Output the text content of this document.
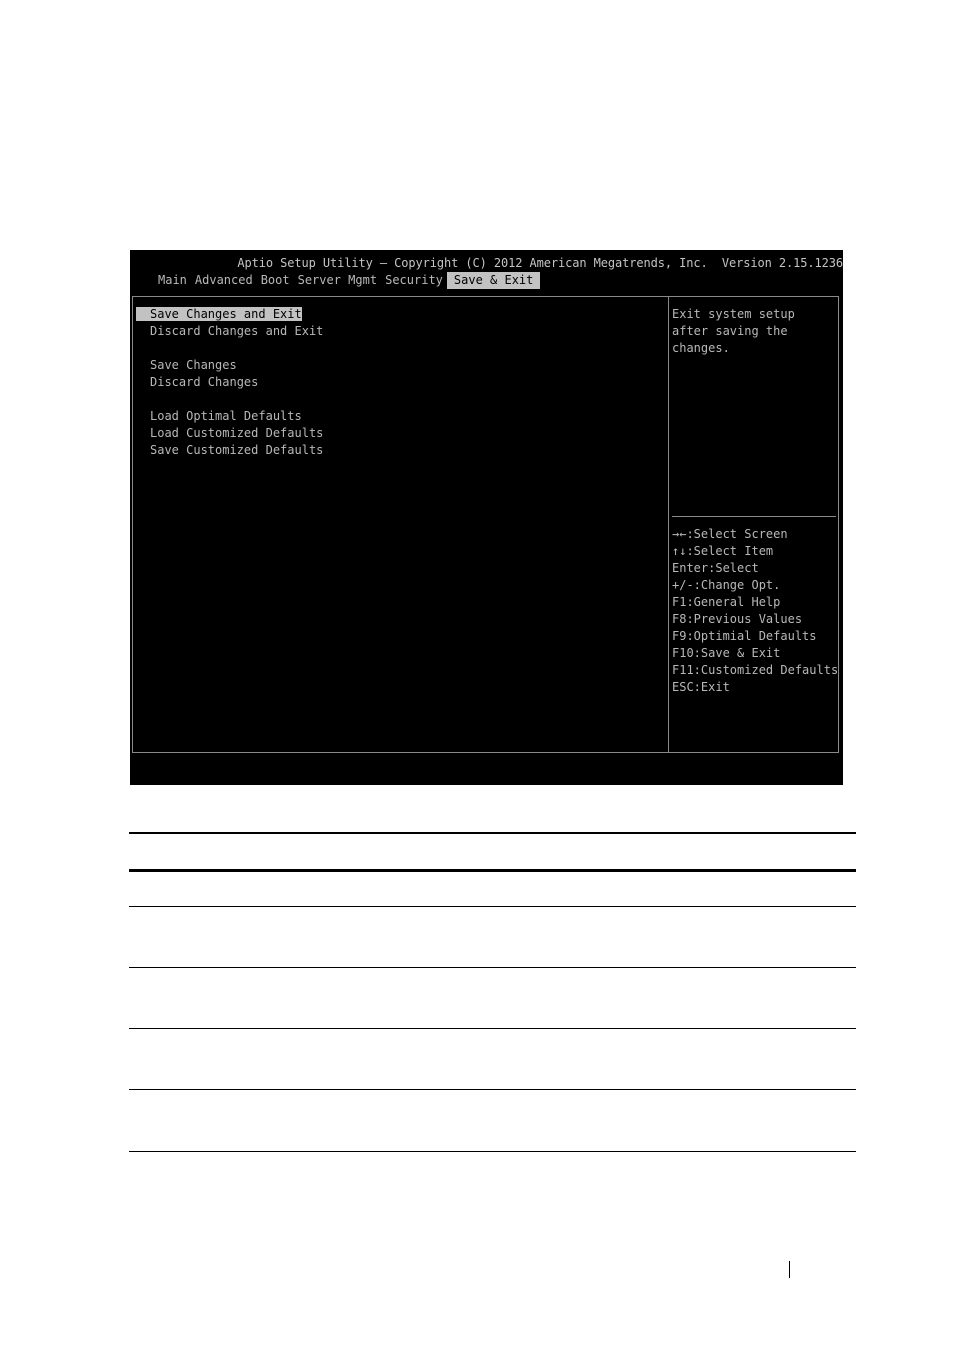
Aptio Setup Utility – Copyright (C) 2012 American Megatrends, Inc.  Version 2.15.1236
Main Advanced Boot Server Mgmt Security Save & Exit
Save Changes and Exit
Discard Changes and Exit
Save Changes
Discard Changes
Load Optimal Defaults
Load Customized Defaults
Save Customized Defaults
Exit system setup
after saving the
changes.
→←:Select Screen
↑↓:Select Item
Enter:Select
+/-:Change Opt.
F1:General Help
F8:Previous Values
F9:Optimial Defaults
F10:Save & Exit
F11:Customized Defaults
ESC:Exit
